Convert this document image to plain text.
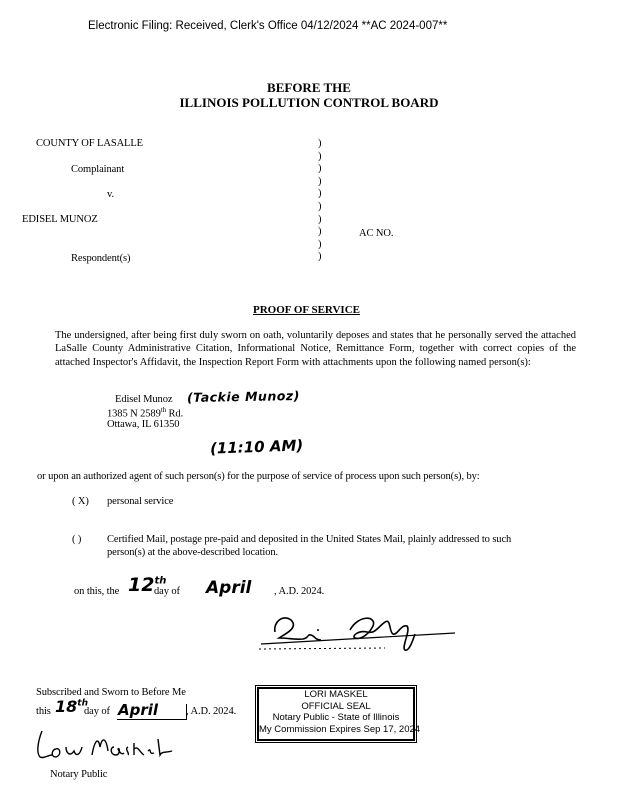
Electronic Filing: Received, Clerk's Office 04/12/2024 **AC 2024-007**
BEFORE THE
ILLINOIS POLLUTION CONTROL BOARD
COUNTY OF LASALLE
Complainant
v.
EDISEL MUNOZ
AC NO.
Respondent(s)
)
)
)
)
)
)
)
)
)
)
PROOF OF SERVICE
The undersigned, after being first duly sworn on oath, voluntarily deposes and states that he personally served the attached LaSalle County Administrative Citation, Informational Notice, Remittance Form, together with correct copies of the attached Inspector's Affidavit, the Inspection Report Form with attachments upon the following named person(s):
Edisel Munoz
1385 N 2589th Rd.
Ottawa, IL 61350
(Tackie Munoz)
(11:10 AM)
or upon an authorized agent of such person(s) for the purpose of service of process upon such person(s), by:
( X) personal service
( ) Certified Mail, postage pre-paid and deposited in the United States Mail, plainly addressed to such
person(s) at the above-described location.
on this, the 12th
day of April , A.D. 2024.
Subscribed and Sworn to Before Me
this 18th
day of April	, A.D. 2024.
Notary Public
LORI MASKEL
OFFICIAL SEAL
Notary Public - State of Illinois
My Commission Expires Sep 17, 2024
